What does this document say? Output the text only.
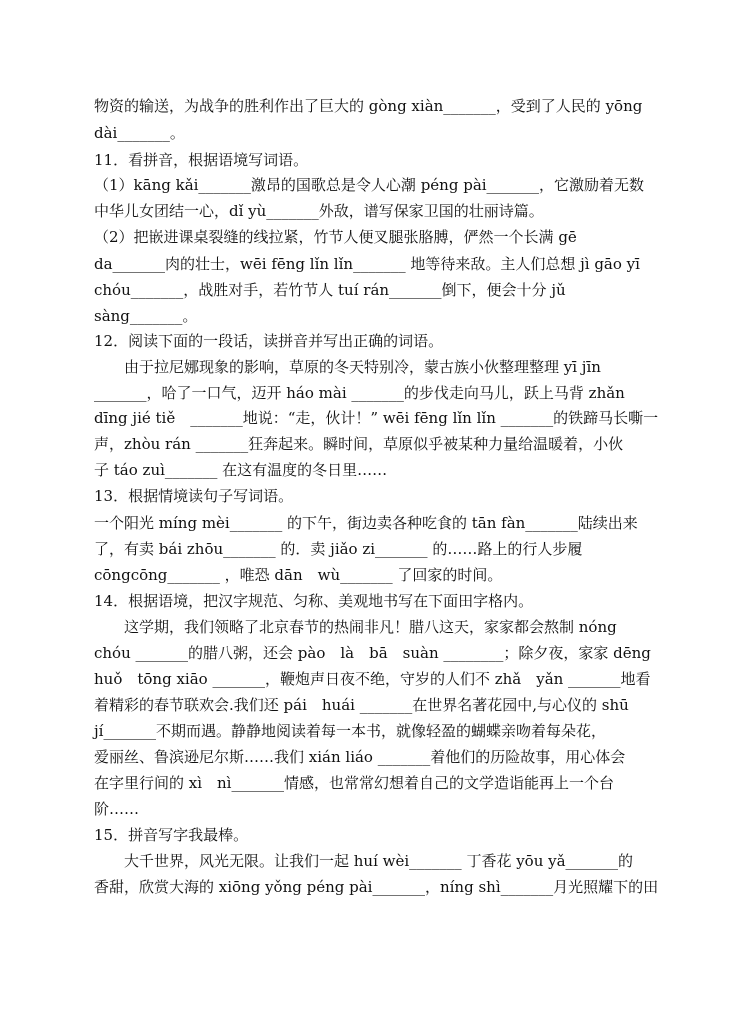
物资的输送，为战争的胜利作出了巨大的 gòng xiàn_______，受到了人民的 yōng
dài_______。
11．看拼音，根据语境写词语。
（1）kāng kǎi_______激昂的国歌总是令人心潮 péng pài_______，它激励着无数
中华儿女团结一心，dǐ yù_______外敌，谱写保家卫国的壮丽诗篇。
（2）把嵌进课桌裂缝的线拉紧，竹节人便叉腿张胳膊，俨然一个长满 gē
da_______肉的壮士，wēi fēng lǐn lǐn_______ 地等待来敌。主人们总想 jì gāo yī
chóu_______，战胜对手，若竹节人 tuí rán_______倒下，便会十分 jǔ
sàng_______。
12．阅读下面的一段话，读拼音并写出正确的词语。
　　由于拉尼娜现象的影响，草原的冬天特别冷，蒙古族小伙整理整理 yī jīn
_______，哈了一口气，迈开 háo mài _______的步伐走向马儿，跃上马背 zhǎn
dīng jié tiě　_______地说：“走，伙计！” wēi fēng lǐn lǐn _______的铁蹄马长嘶一
声，zhòu rán _______狂奔起来。瞬时间，草原似乎被某种力量给温暖着，小伙
子 táo zuì_______ 在这有温度的冬日里……
13．根据情境读句子写词语。
一个阳光 míng mèi_______ 的下午，街边卖各种吃食的 tān fàn_______陆续出来
了，有卖 bái zhōu_______ 的．卖 jiǎo zi_______ 的……路上的行人步履
cōngcōng_______ ，唯恐 dān　wù_______ 了回家的时间。
14．根据语境，把汉字规范、匀称、美观地书写在下面田字格内。
　　这学期，我们领略了北京春节的热闹非凡！腊八这天，家家都会熬制 nóng
chóu _______的腊八粥，还会 pào　là　bā　suàn ________；除夕夜，家家 dēng
huǒ　tōng xiāo _______，鞭炮声日夜不绝，守岁的人们不 zhǎ　yǎn _______地看
着精彩的春节联欢会.我们还 pái　huái _______在世界名著花园中,与心仪的 shū
jí_______不期而遇。静静地阅读着每一本书，就像轻盈的蝴蝶亲吻着每朵花，
爱丽丝、鲁滨逊尼尔斯……我们 xián liáo _______着他们的历险故事，用心体会
在字里行间的 xì　nì_______情感，也常常幻想着自己的文学造诣能再上一个台
阶……
15．拼音写字我最棒。
　　大千世界，风光无限。让我们一起 huí wèi_______ 丁香花 yōu yǎ_______的
香甜，欣赏大海的 xiōng yǒng péng pài_______，níng shì_______月光照耀下的田
